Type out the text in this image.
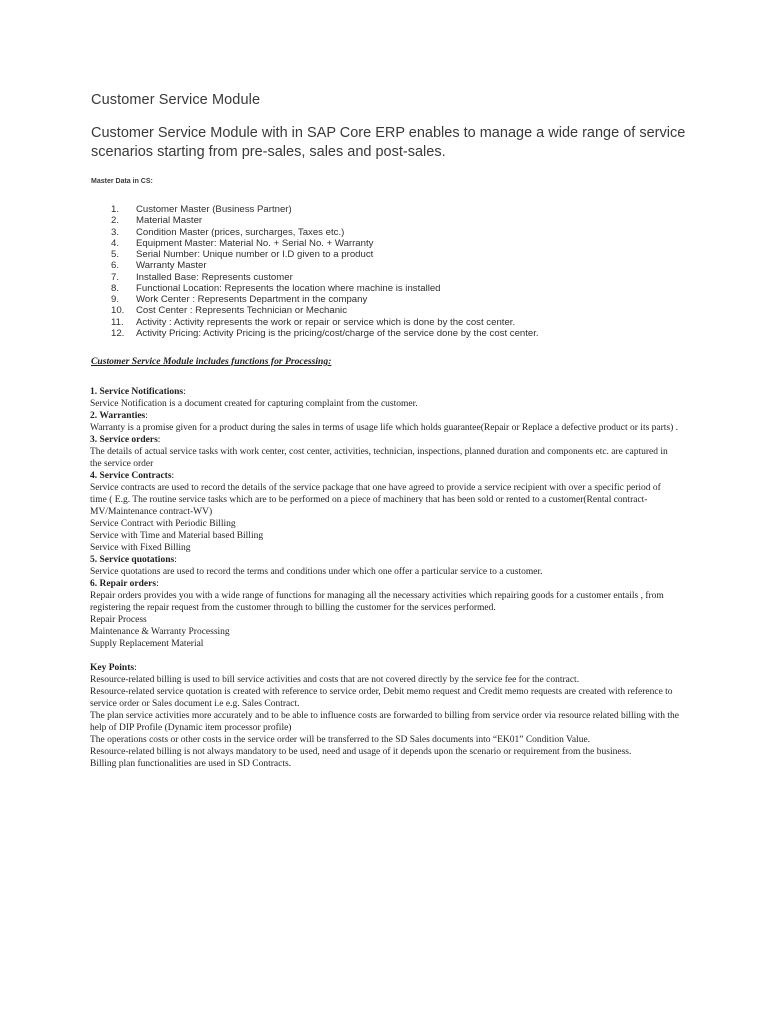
Customer Service Module
Customer Service Module with in SAP Core ERP enables to manage a wide range of service scenarios starting from pre-sales, sales and post-sales.
Master Data in CS:
1. Customer Master (Business Partner)
2. Material Master
3. Condition Master (prices, surcharges, Taxes etc.)
4. Equipment Master: Material No. + Serial No. + Warranty
5. Serial Number: Unique number or I.D given to a product
6. Warranty Master
7. Installed Base: Represents customer
8. Functional Location: Represents the location where machine is installed
9. Work Center : Represents Department in the company
10. Cost Center : Represents Technician or Mechanic
11. Activity : Activity represents the work or repair or service which is done by the cost center.
12. Activity Pricing: Activity Pricing is the pricing/cost/charge of the service done by the cost center.
Customer Service Module includes functions for Processing:

1. Service Notifications:

Service Notification is a document created for capturing complaint from the customer.

2. Warranties:

Warranty is a promise given for a product during the sales in terms of usage life which holds guarantee(Repair or Replace a defective product or its parts) .

3. Service orders:

The details of actual service tasks with work center, cost center, activities, technician, inspections, planned duration and components etc. are captured in the service order

4. Service Contracts:

Service contracts are used to record the details of the service package that one have agreed to provide a service recipient with over a specific period of time ( E.g. The routine service tasks which are to be performed on a piece of machinery that has been sold or rented to a customer(Rental contract-MV/Maintenance contract-WV)

Service Contract with Periodic Billing

Service with Time and Material based Billing

Service with Fixed Billing

5. Service quotations:

Service quotations are used to record the terms and conditions under which one offer a particular service to a customer.

6. Repair orders:

Repair orders provides you with a wide range of functions for managing all the necessary activities which repairing goods for a customer entails , from registering the repair request from the customer through to billing the customer for the services performed.

Repair Process

Maintenance & Warranty Processing

Supply Replacement Material

Key Points:

Resource-related billing is used to bill service activities and costs that are not covered directly by the service fee for the contract.

Resource-related service quotation is created with reference to service order, Debit memo request and Credit memo requests are created with reference to service order or Sales document i.e e.g. Sales Contract.

The plan service activities more accurately and to be able to influence costs are forwarded to billing from service order via resource related billing with the help of DIP Profile (Dynamic item processor profile)

The operations costs or other costs in the service order will be transferred to the SD Sales documents into “EK01” Condition Value.

Resource-related billing is not always mandatory to be used, need and usage of it depends upon the scenario or requirement from the business.

Billing plan functionalities are used in SD Contracts.
